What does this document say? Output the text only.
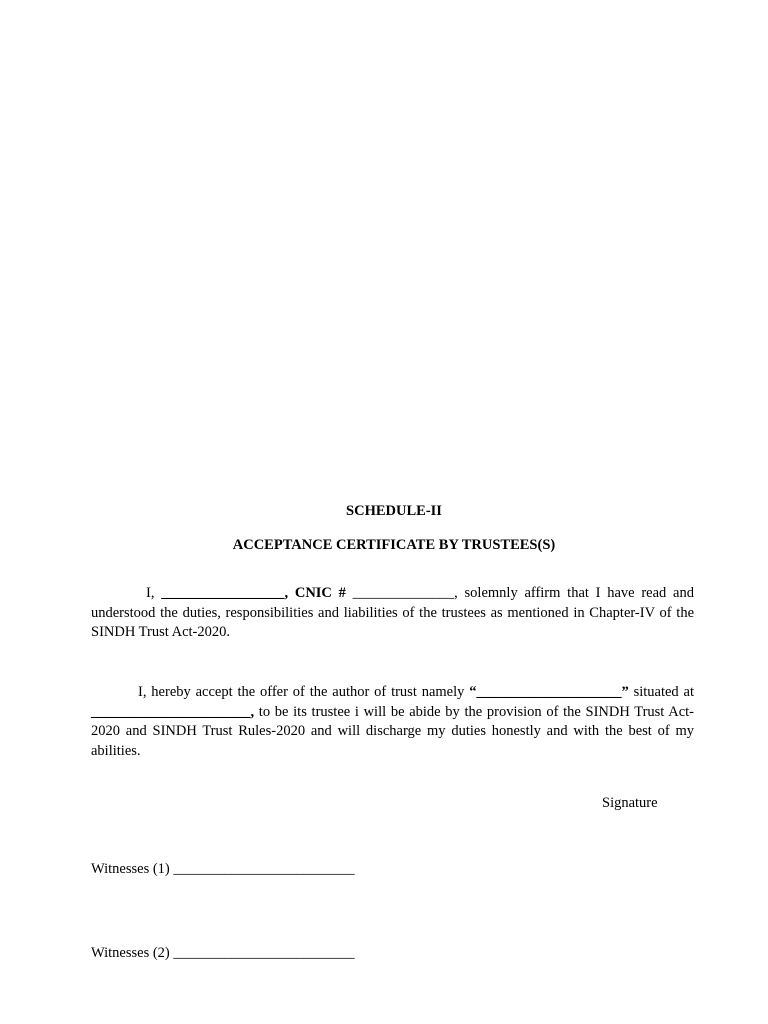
SCHEDULE-II

ACCEPTANCE CERTIFICATE BY TRUSTEES(S)

I, _________________, CNIC # ______________, solemnly affirm that I have read and understood the duties, responsibilities and liabilities of the trustees as mentioned in Chapter-IV of the SINDH Trust Act-2020.

I, hereby accept the offer of the author of trust namely “____________________” situated at ______________________, to be its trustee i will be abide by the provision of the SINDH Trust Act-2020 and SINDH Trust Rules-2020 and will discharge my duties honestly and with the best of my abilities.

Signature

Witnesses (1) _________________________

Witnesses (2) _________________________
